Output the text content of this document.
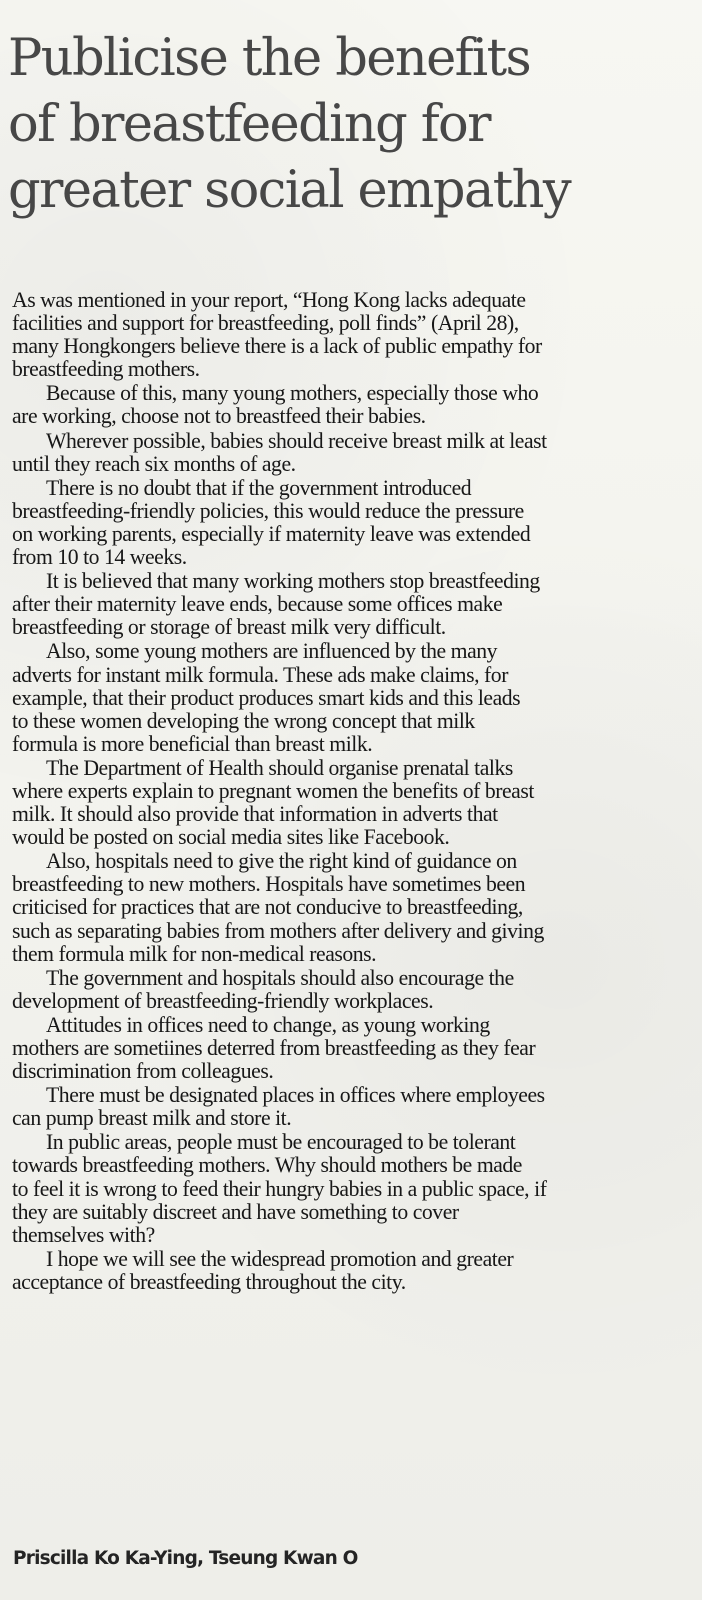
Publicise the benefits
of breastfeeding for
greater social empathy

As was mentioned in your report, “Hong Kong lacks adequate
facilities and support for breastfeeding, poll finds” (April 28),
many Hongkongers believe there is a lack of public empathy for
breastfeeding mothers.

Because of this, many young mothers, especially those who
are working, choose not to breastfeed their babies.

Wherever possible, babies should receive breast milk at least
until they reach six months of age.

There is no doubt that if the government introduced
breastfeeding-friendly policies, this would reduce the pressure
on working parents, especially if maternity leave was extended
from 10 to 14 weeks.

It is believed that many working mothers stop breastfeeding
after their maternity leave ends, because some offices make
breastfeeding or storage of breast milk very difficult.

Also, some young mothers are influenced by the many
adverts for instant milk formula. These ads make claims, for
example, that their product produces smart kids and this leads
to these women developing the wrong concept that milk
formula is more beneficial than breast milk.

The Department of Health should organise prenatal talks
where experts explain to pregnant women the benefits of breast
milk. It should also provide that information in adverts that
would be posted on social media sites like Facebook.

Also, hospitals need to give the right kind of guidance on
breastfeeding to new mothers. Hospitals have sometimes been
criticised for practices that are not conducive to breastfeeding,
such as separating babies from mothers after delivery and giving
them formula milk for non-medical reasons.

The government and hospitals should also encourage the
development of breastfeeding-friendly workplaces.

Attitudes in offices need to change, as young working
mothers are sometiines deterred from breastfeeding as they fear
discrimination from colleagues.

There must be designated places in offices where employees
can pump breast milk and store it.

In public areas, people must be encouraged to be tolerant
towards breastfeeding mothers. Why should mothers be made
to feel it is wrong to feed their hungry babies in a public space, if
they are suitably discreet and have something to cover
themselves with?

I hope we will see the widespread promotion and greater
acceptance of breastfeeding throughout the city.

Priscilla Ko Ka-Ying, Tseung Kwan O
